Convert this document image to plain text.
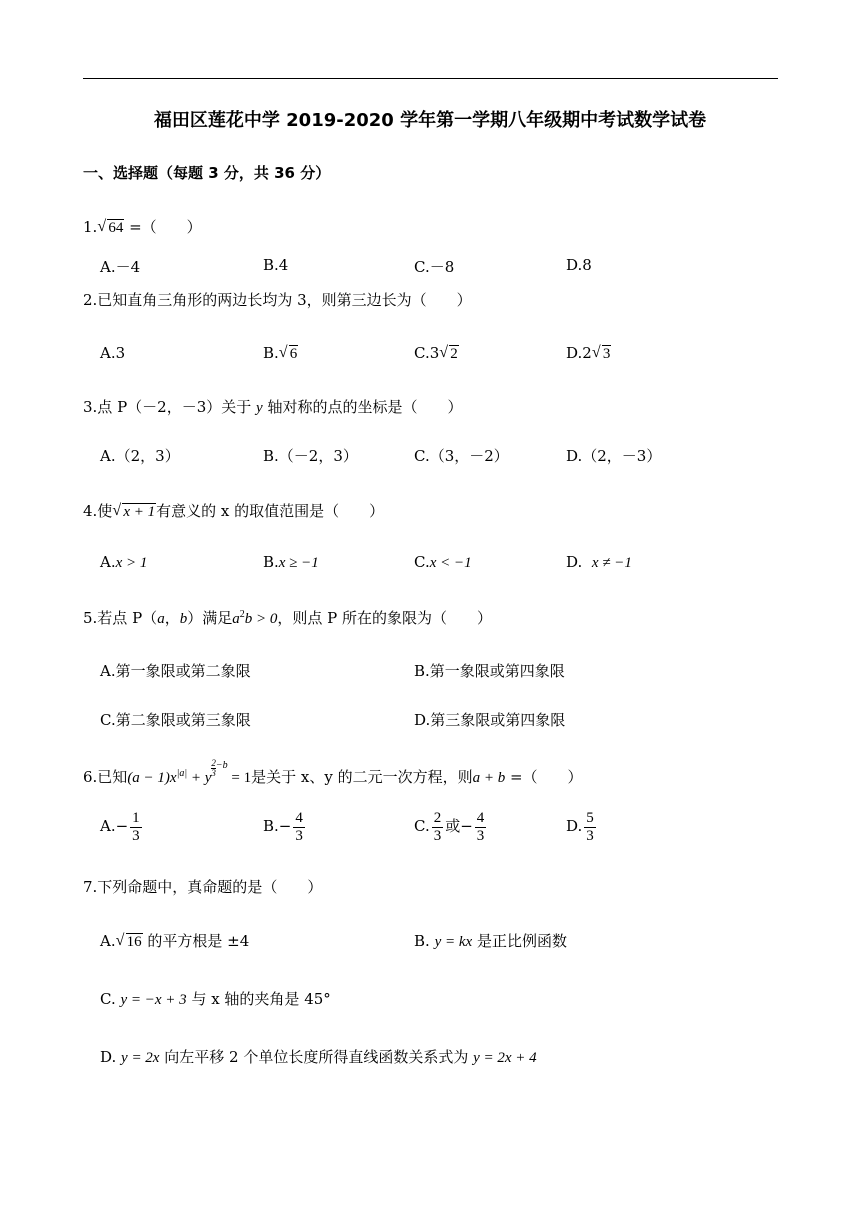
福田区莲花中学 2019-2020 学年第一学期八年级期中考试数学试卷
一、选择题（每题 3 分，共 36 分）
1. √ 64 =（　　）
A.－4	B.4	C.－8	D.8
2.已知直角三角形的两边长均为 3，则第三边长为（　　）
A.3	B. √ 6	C.3 √ 2	D.2 √ 3
3.点 P（－2，－3）关于 y 轴对称的点的坐标是（　　）
A.（2，3）	B.（－2，3）	C.（3，－2）	D.（2，－3）
4.使 √ x + 1有意义的 x 的取值范围是（　　）
A.x > 1	B.x ≥ −1	C.x < −1	D. x ≠ −1
5.若点 P（a，b）满足$a^2b > 0$，则点 P 所在的象限为（　　）
A.第一象限或第二象限	B.第一象限或第四象限
C.第二象限或第三象限	D.第三象限或第四象限
6.已知$(a - 1)x^{|a|} + y \frac{2}{3} ^{-b} = 1$是关于 x、y 的二元一次方程，则a + b =（　　）
$A.- \frac{1}{3}$	$B.- \frac{4}{3}$	C. $\frac{2}{3}$ 或− $\frac{4}{3}$	D. $\frac{5}{3}$
7.下列命题中，真命题的是（　　）
A. √ 16 的平方根是 ±4	B. y = kx 是正比例函数
C. y = −x + 3 与 x 轴的夹角是 45°
D. y = 2x 向左平移 2 个单位长度所得直线函数关系式为 y = 2x + 4
